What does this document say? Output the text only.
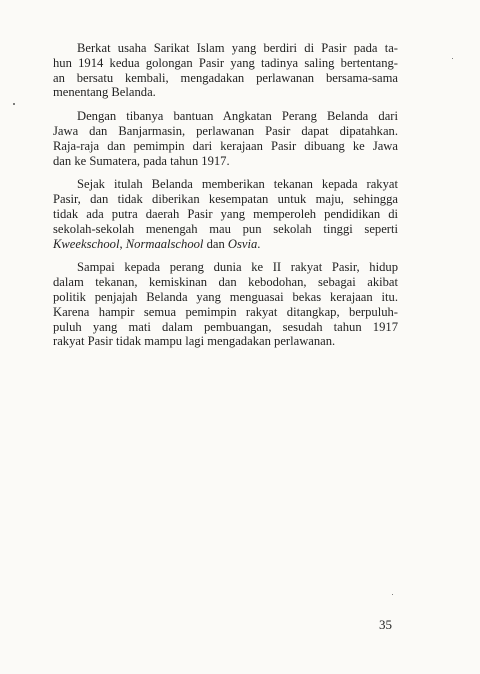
Berkat usaha Sarikat Islam yang berdiri di Pasir pada ta-
hun 1914 kedua golongan Pasir yang tadinya saling bertentang-
an bersatu kembali, mengadakan perlawanan bersama-sama
menentang Belanda.

Dengan tibanya bantuan Angkatan Perang Belanda dari
Jawa dan Banjarmasin, perlawanan Pasir dapat dipatahkan.
Raja-raja dan pemimpin dari kerajaan Pasir dibuang ke Jawa
dan ke Sumatera, pada tahun 1917.

Sejak itulah Belanda memberikan tekanan kepada rakyat
Pasir, dan tidak diberikan kesempatan untuk maju, sehingga
tidak ada putra daerah Pasir yang memperoleh pendidikan di
sekolah-sekolah menengah mau pun sekolah tinggi seperti
Kweekschool, Normaalschool dan Osvia.

Sampai kepada perang dunia ke II rakyat Pasir, hidup
dalam tekanan, kemiskinan dan kebodohan, sebagai akibat
politik penjajah Belanda yang menguasai bekas kerajaan itu.
Karena hampir semua pemimpin rakyat ditangkap, berpuluh-
puluh yang mati dalam pembuangan, sesudah tahun 1917
rakyat Pasir tidak mampu lagi mengadakan perlawanan.

35
